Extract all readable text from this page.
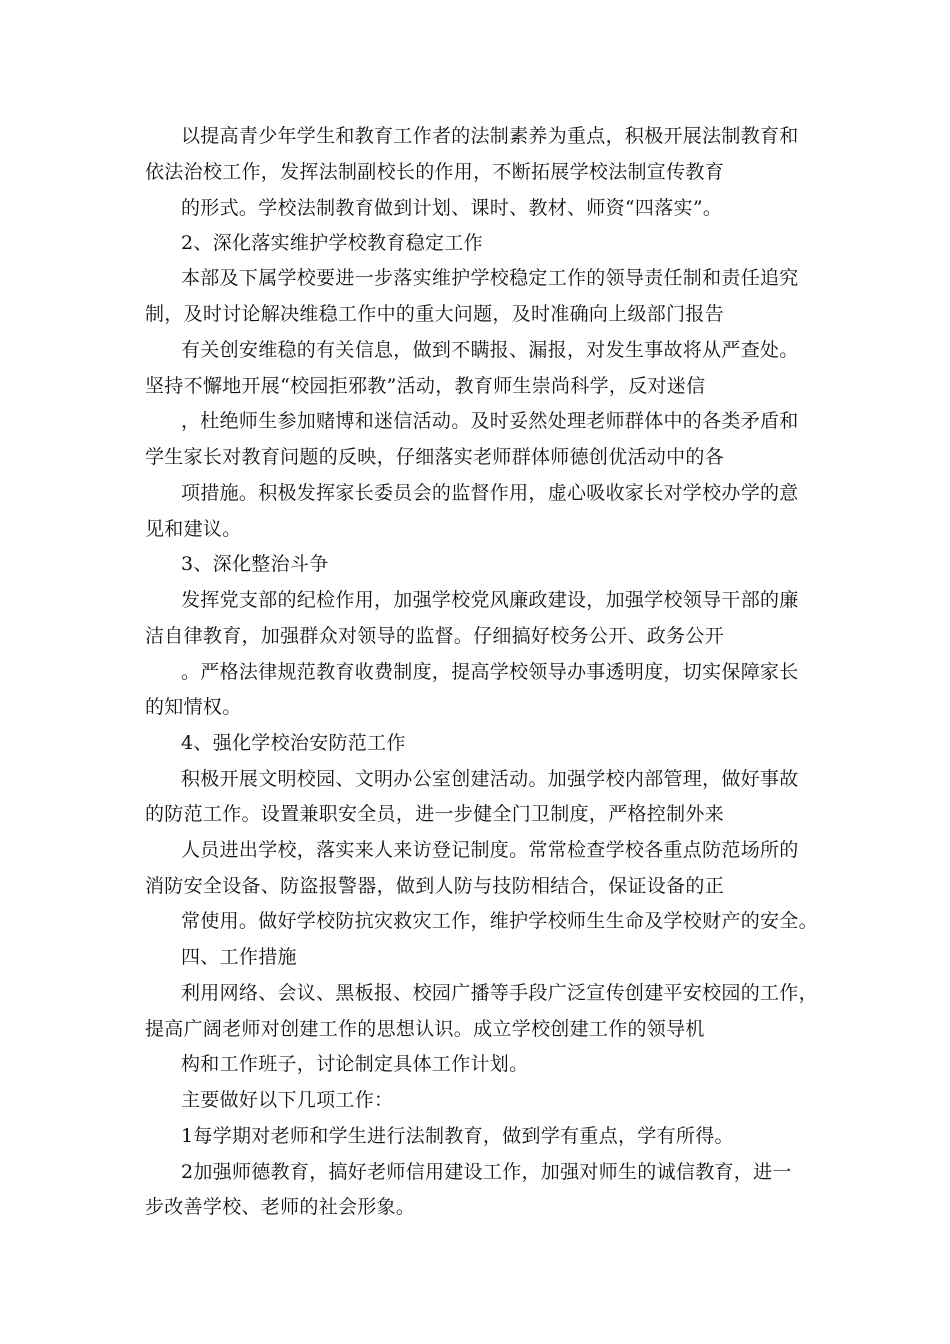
以提高青少年学生和教育工作者的法制素养为重点，积极开展法制教育和
依法治校工作，发挥法制副校长的作用，不断拓展学校法制宣传教育
的形式。学校法制教育做到计划、课时、教材、师资“四落实”。
2、深化落实维护学校教育稳定工作
本部及下属学校要进一步落实维护学校稳定工作的领导责任制和责任追究
制，及时讨论解决维稳工作中的重大问题，及时准确向上级部门报告
有关创安维稳的有关信息，做到不瞒报、漏报，对发生事故将从严查处。
坚持不懈地开展“校园拒邪教”活动，教育师生崇尚科学，反对迷信
，杜绝师生参加赌博和迷信活动。及时妥然处理老师群体中的各类矛盾和
学生家长对教育问题的反映，仔细落实老师群体师德创优活动中的各
项措施。积极发挥家长委员会的监督作用，虚心吸收家长对学校办学的意
见和建议。
3、深化整治斗争
发挥党支部的纪检作用，加强学校党风廉政建设，加强学校领导干部的廉
洁自律教育，加强群众对领导的监督。仔细搞好校务公开、政务公开
。严格法律规范教育收费制度，提高学校领导办事透明度，切实保障家长
的知情权。
4、强化学校治安防范工作
积极开展文明校园、文明办公室创建活动。加强学校内部管理，做好事故
的防范工作。设置兼职安全员，进一步健全门卫制度，严格控制外来
人员进出学校，落实来人来访登记制度。常常检查学校各重点防范场所的
消防安全设备、防盗报警器，做到人防与技防相结合，保证设备的正
常使用。做好学校防抗灾救灾工作，维护学校师生生命及学校财产的安全。
四、工作措施
利用网络、会议、黑板报、校园广播等手段广泛宣传创建平安校园的工作，
提高广阔老师对创建工作的思想认识。成立学校创建工作的领导机
构和工作班子，讨论制定具体工作计划。
主要做好以下几项工作：
1每学期对老师和学生进行法制教育，做到学有重点，学有所得。
2加强师德教育，搞好老师信用建设工作，加强对师生的诚信教育，进一
步改善学校、老师的社会形象。
